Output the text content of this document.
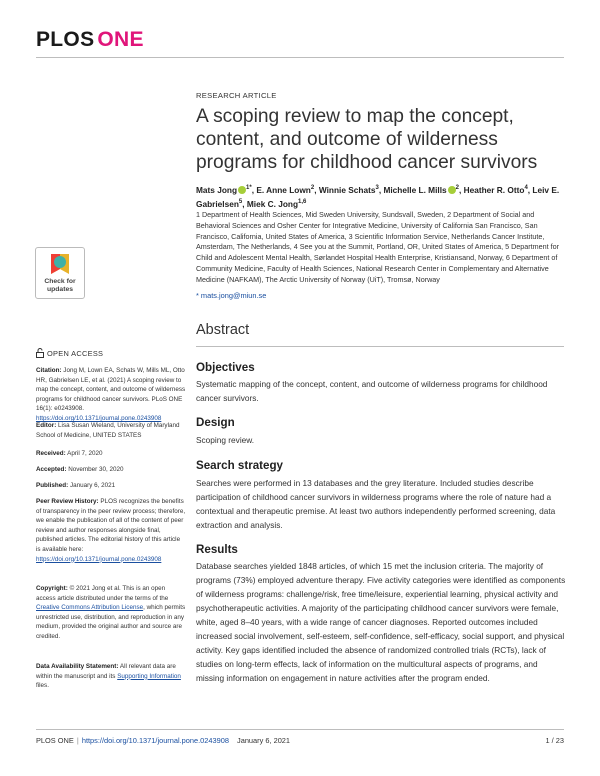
PLOS ONE
RESEARCH ARTICLE
A scoping review to map the concept, content, and outcome of wilderness programs for childhood cancer survivors
Mats Jong $^{1*}$, E. Anne Lown$^2$, Winnie Schats$^3$, Michelle L. Mills $^2$, Heather R. Otto$^4$, Leiv E. Gabrielsen$^5$, Miek C. Jong$^{1,6}$
1 Department of Health Sciences, Mid Sweden University, Sundsvall, Sweden, 2 Department of Social and Behavioral Sciences and Osher Center for Integrative Medicine, University of California San Francisco, San Francisco, California, United States of America, 3 Scientific Information Service, Netherlands Cancer Institute, Amsterdam, The Netherlands, 4 See you at the Summit, Portland, OR, United States of America, 5 Department for Child and Adolescent Mental Health, Sørlandet Hospital Health Enterprise, Kristiansand, Norway, 6 Department of Community Medicine, Faculty of Health Sciences, National Research Center in Complementary and Alternative Medicine (NAFKAM), The Arctic University of Norway (UiT), Tromsø, Norway
* mats.jong@miun.se
Check for
updates
OPEN ACCESS
Citation: Jong M, Lown EA, Schats W, Mills ML, Otto HR, Gabrielsen LE, et al. (2021) A scoping review to map the concept, content, and outcome of wilderness programs for childhood cancer survivors. PLoS ONE 16(1): e0243908. https://doi.org/10.1371/journal.pone.0243908
Editor: Lisa Susan Wieland, University of Maryland School of Medicine, UNITED STATES
Received: April 7, 2020
Accepted: November 30, 2020
Published: January 6, 2021
Peer Review History: PLOS recognizes the benefits of transparency in the peer review process; therefore, we enable the publication of all of the content of peer review and author responses alongside final, published articles. The editorial history of this article is available here: https://doi.org/10.1371/journal.pone.0243908
Copyright: © 2021 Jong et al. This is an open access article distributed under the terms of the Creative Commons Attribution License, which permits unrestricted use, distribution, and reproduction in any medium, provided the original author and source are credited.
Data Availability Statement: All relevant data are within the manuscript and its Supporting Information files.
Abstract
Objectives
Systematic mapping of the concept, content, and outcome of wilderness programs for childhood cancer survivors.
Design
Scoping review.
Search strategy
Searches were performed in 13 databases and the grey literature. Included studies describe participation of childhood cancer survivors in wilderness programs where the role of nature had a contextual and therapeutic premise. At least two authors independently performed screening, data extraction and analysis.
Results
Database searches yielded 1848 articles, of which 15 met the inclusion criteria. The majority of programs (73%) employed adventure therapy. Five activity categories were identified as components of wilderness programs: challenge/risk, free time/leisure, experiential learning, physical activity and psychotherapeutic activities. A majority of the participating childhood cancer survivors were female, white, aged 8–40 years, with a wide range of cancer diagnoses. Reported outcomes included increased social involvement, self-esteem, self-confidence, self-efficacy, social support, and physical activity. Key gaps identified included the absence of randomized controlled trials (RCTs), lack of studies on long-term effects, lack of information on the multicultural aspects of programs, and missing information on engagement in nature activities after the program ended.
PLOS ONE | https://doi.org/10.1371/journal.pone.0243908 January 6, 2021	1 / 23
